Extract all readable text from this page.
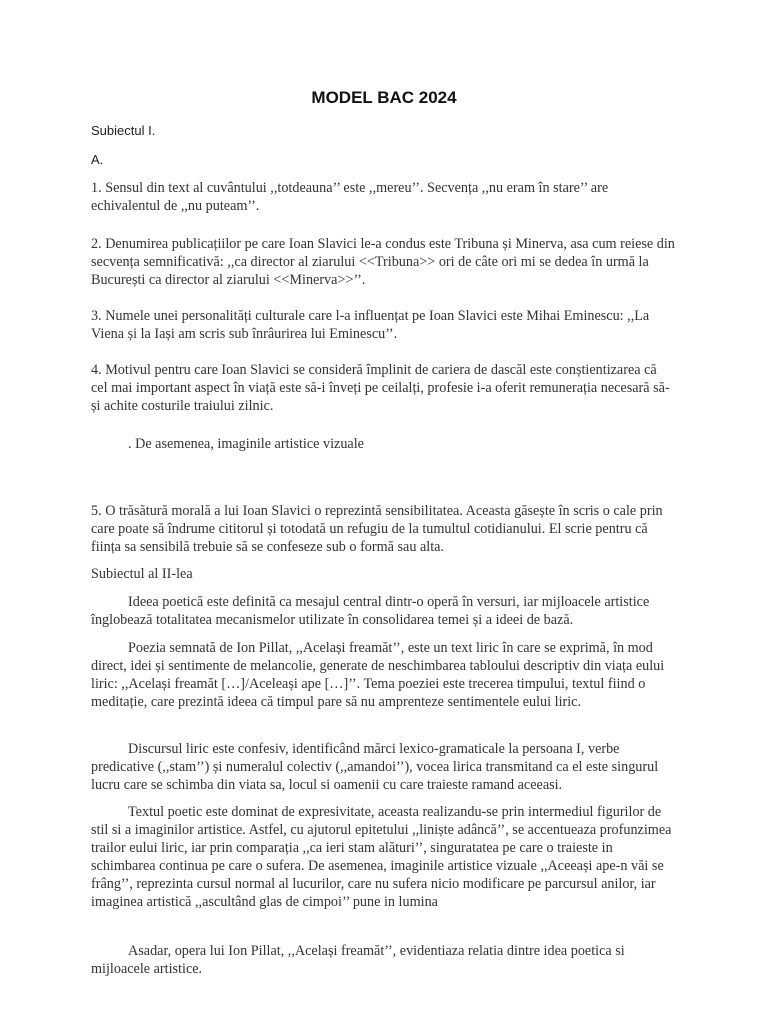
MODEL BAC 2024
Subiectul I.
A.

1. Sensul din text al cuvântului ,,totdeauna’’ este ,,mereu’’. Secvența ,,nu eram în stare’’ are echivalentul de ,,nu puteam’’.

2. Denumirea publicațiilor pe care Ioan Slavici le-a condus este Tribuna și Minerva, asa cum reiese din secvența semnificativă: ,,ca director al ziarului <<Tribuna>> ori de câte ori mi se dedea în urmă la București ca director al ziarului <<Minerva>>’’.

3. Numele unei personalități culturale care l-a influențat pe Ioan Slavici este Mihai Eminescu: ,,La Viena și la Iași am scris sub înrâurirea lui Eminescu’’.

4. Motivul pentru care Ioan Slavici se consideră împlinit de cariera de dascăl este conștientizarea că cel mai important aspect în viață este să-i înveți pe ceilalți, profesie i-a oferit remunerația necesară să-și achite costurile traiului zilnic.

. De asemenea, imaginile artistice vizuale

5. O trăsătură morală a lui Ioan Slavici o reprezintă sensibilitatea. Aceasta găsește în scris o cale prin care poate să îndrume cititorul și totodată un refugiu de la tumultul cotidianului. El scrie pentru că ființa sa sensibilă trebuie să se confeseze sub o formă sau alta.

Subiectul al II-lea

Ideea poetică este definită ca mesajul central dintr-o operă în versuri, iar mijloacele artistice înglobează totalitatea mecanismelor utilizate în consolidarea temei și a ideei de bază.

Poezia semnată de Ion Pillat, ,,Același freamăt’’, este un text liric în care se exprimă, în mod direct, idei și sentimente de melancolie, generate de neschimbarea tabloului descriptiv din viața eului liric: ,,Același freamăt […]/Aceleași ape […]’’. Tema poeziei este trecerea timpului, textul fiind o meditație, care prezintă ideea că timpul pare să nu amprenteze sentimentele eului liric.

Discursul liric este confesiv, identificând mărci lexico-gramaticale la persoana I, verbe predicative (,,stam’’) și numeralul colectiv (,,amandoi’’), vocea lirica transmitand ca el este singurul lucru care se schimba din viata sa, locul si oamenii cu care traieste ramand aceeasi.

Textul poetic este dominat de expresivitate, aceasta realizandu-se prin intermediul figurilor de stil si a imaginilor artistice. Astfel, cu ajutorul epitetului ,,liniște adâncă’’, se accentueaza profunzimea trailor eului liric, iar prin comparația ,,ca ieri stam alături’’, singuratatea pe care o traieste in schimbarea continua pe care o sufera. De asemenea, imaginile artistice vizuale ,,Aceeași ape-n văi se frâng’’, reprezinta cursul normal al lucurilor, care nu sufera nicio modificare pe parcursul anilor, iar imaginea artistică ,,ascultând glas de cimpoi’’ pune in lumina

Asadar, opera lui Ion Pillat, ,,Același freamăt’’, evidentiaza relatia dintre idea poetica si mijloacele artistice.
